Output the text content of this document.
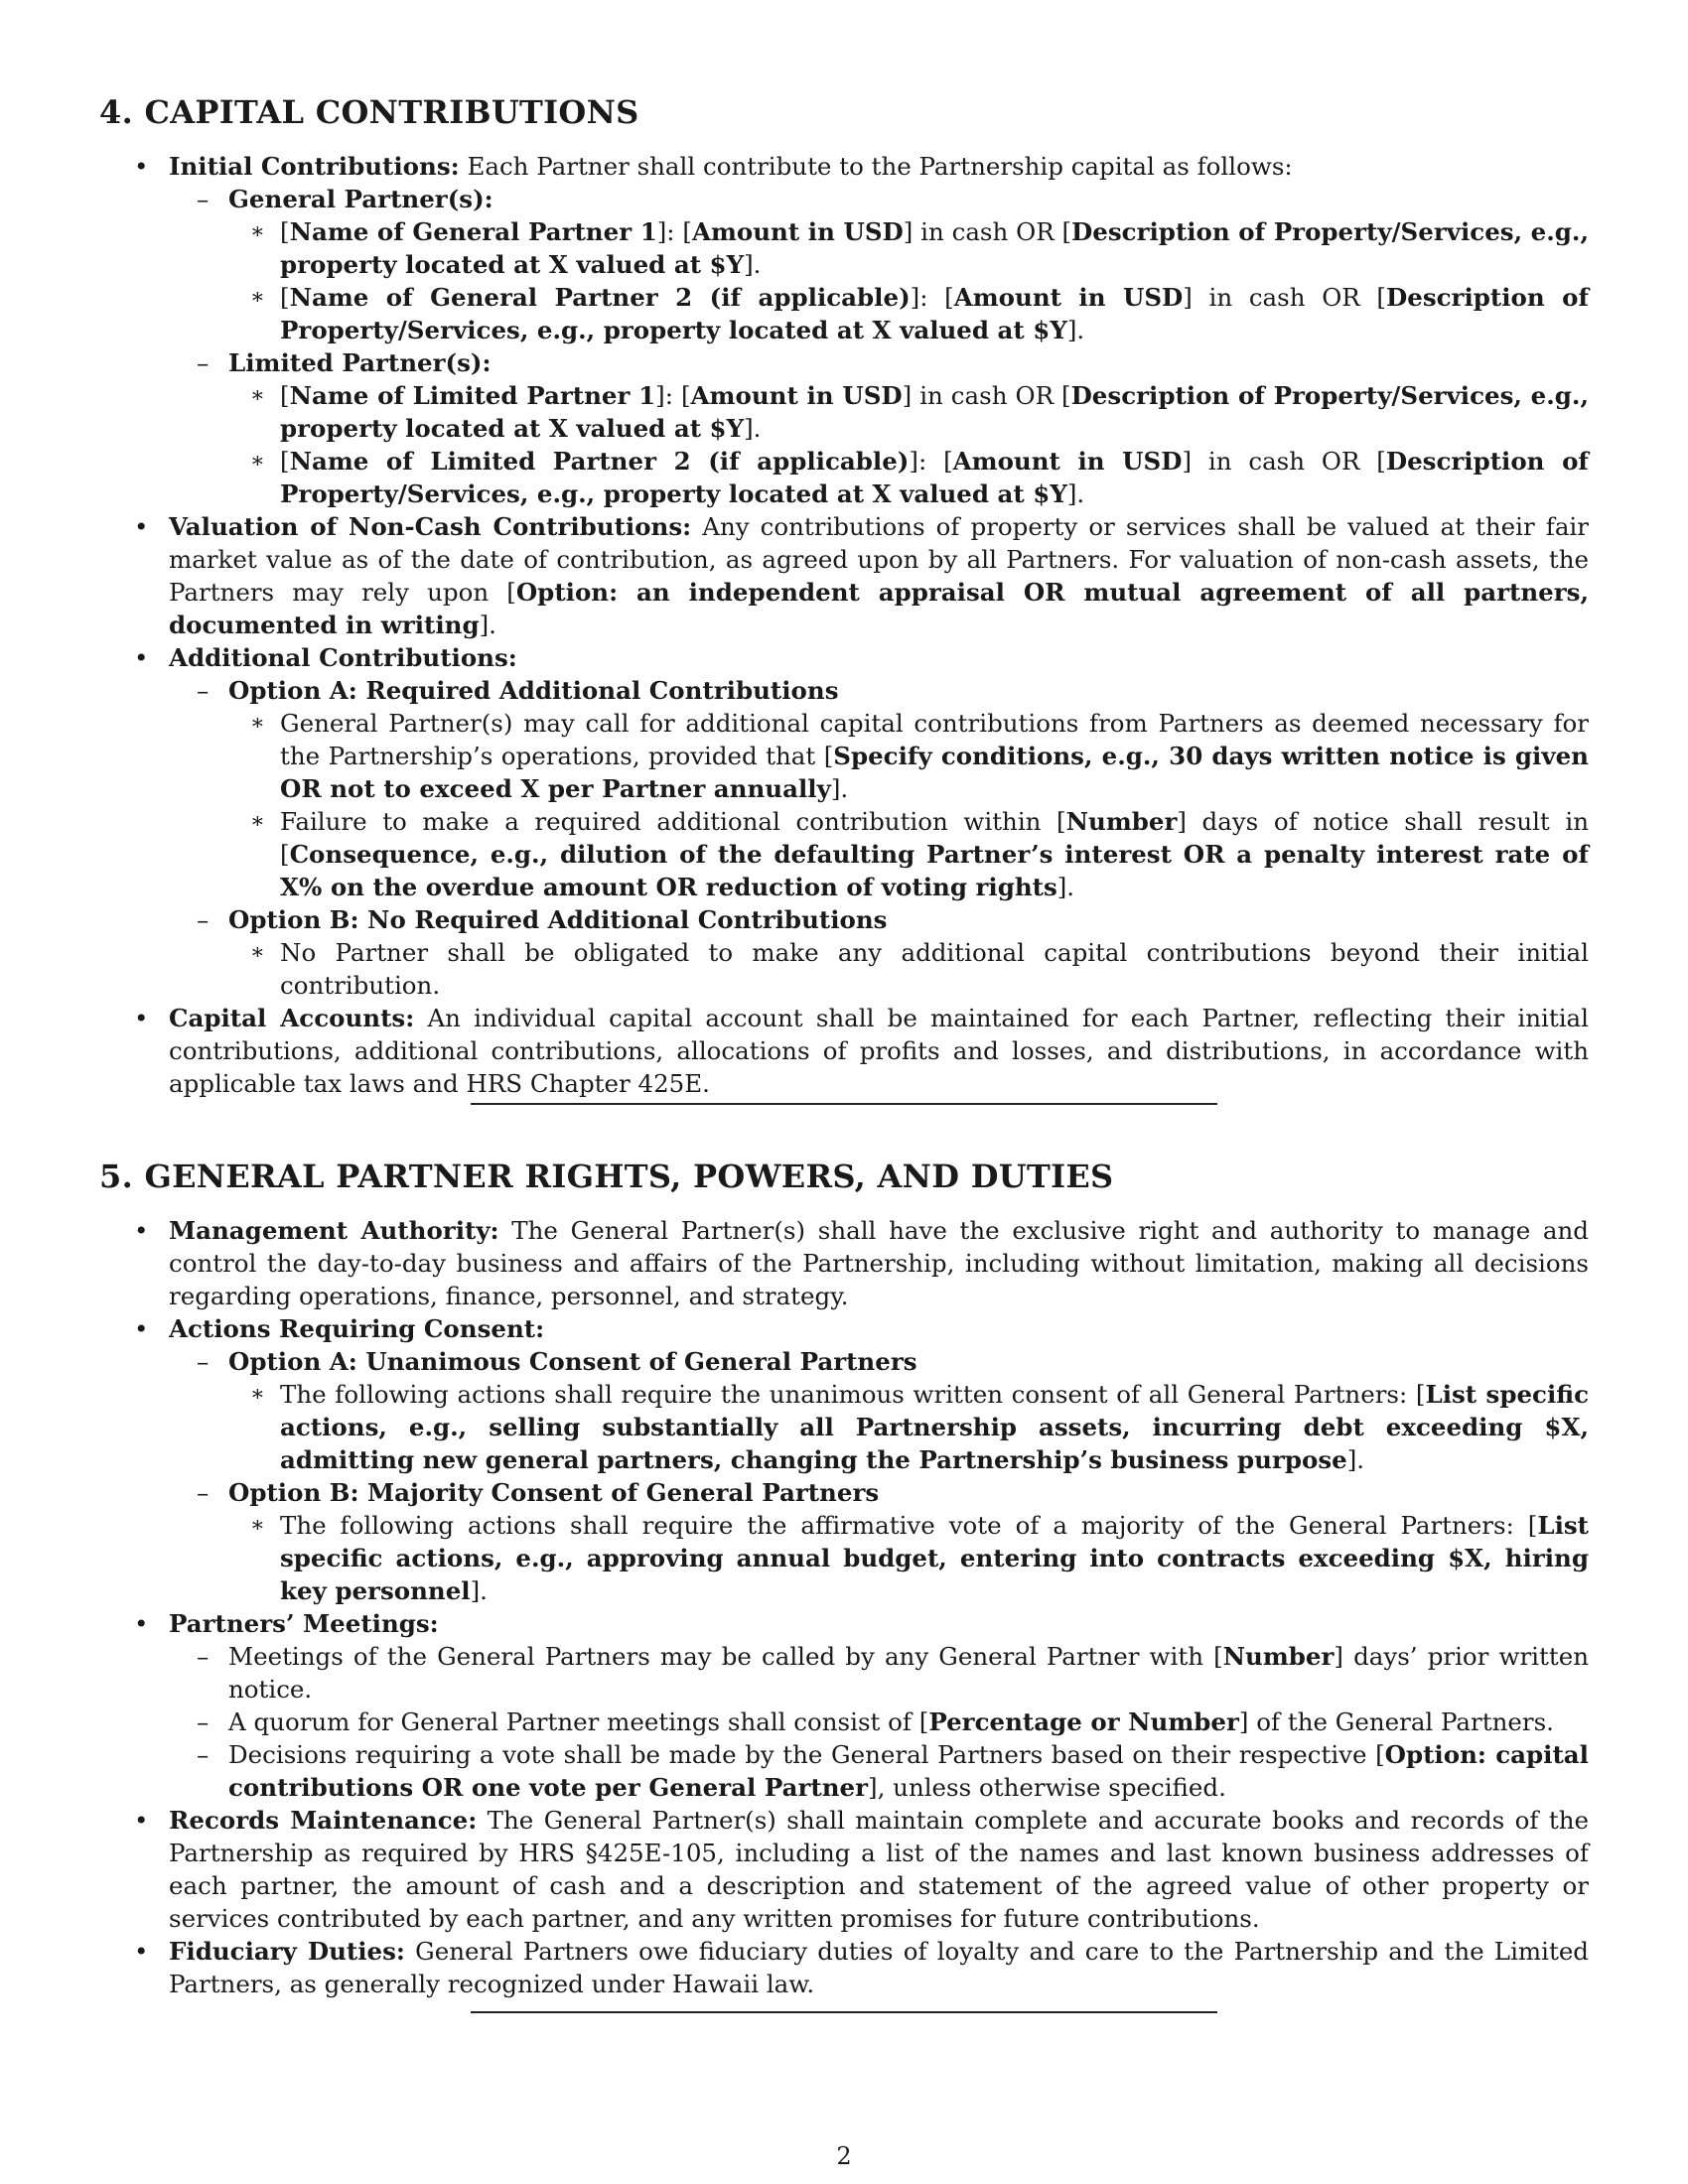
4. CAPITAL CONTRIBUTIONS
• Initial Contributions: Each Partner shall contribute to the Partnership capital as follows:
– General Partner(s):
∗ [Name of General Partner 1]: [Amount in USD] in cash OR [Description of Property/Services, e.g., property located at X valued at $Y].
∗ [Name of General Partner 2 (if applicable)]: [Amount in USD] in cash OR [Description of Property/Services, e.g., property located at X valued at $Y].
– Limited Partner(s):
∗ [Name of Limited Partner 1]: [Amount in USD] in cash OR [Description of Property/Services, e.g., property located at X valued at $Y].
∗ [Name of Limited Partner 2 (if applicable)]: [Amount in USD] in cash OR [Description of Property/Services, e.g., property located at X valued at $Y].
• Valuation of Non-Cash Contributions: Any contributions of property or services shall be valued at their fair market value as of the date of contribution, as agreed upon by all Partners. For valuation of non-cash assets, the Partners may rely upon [Option: an independent appraisal OR mutual agreement of all partners, documented in writing].
• Additional Contributions:
– Option A: Required Additional Contributions
∗ General Partner(s) may call for additional capital contributions from Partners as deemed necessary for the Partnership’s operations, provided that [Specify conditions, e.g., 30 days written notice is given OR not to exceed X per Partner annually].
∗ Failure to make a required additional contribution within [Number] days of notice shall result in [Consequence, e.g., dilution of the defaulting Partner’s interest OR a penalty interest rate of X% on the overdue amount OR reduction of voting rights].
– Option B: No Required Additional Contributions
∗ No Partner shall be obligated to make any additional capital contributions beyond their initial contribution.
• Capital Accounts: An individual capital account shall be maintained for each Partner, reflecting their initial contributions, additional contributions, allocations of profits and losses, and distributions, in accordance with applicable tax laws and HRS Chapter 425E.
5. GENERAL PARTNER RIGHTS, POWERS, AND DUTIES
• Management Authority: The General Partner(s) shall have the exclusive right and authority to manage and control the day-to-day business and affairs of the Partnership, including without limitation, making all decisions regarding operations, finance, personnel, and strategy.
• Actions Requiring Consent:
– Option A: Unanimous Consent of General Partners
∗ The following actions shall require the unanimous written consent of all General Partners: [List specific actions, e.g., selling substantially all Partnership assets, incurring debt exceeding $X, admitting new general partners, changing the Partnership’s business purpose].
– Option B: Majority Consent of General Partners
∗ The following actions shall require the affirmative vote of a majority of the General Partners: [List specific actions, e.g., approving annual budget, entering into contracts exceeding $X, hiring key personnel].
• Partners’ Meetings:
– Meetings of the General Partners may be called by any General Partner with [Number] days’ prior written notice.
– A quorum for General Partner meetings shall consist of [Percentage or Number] of the General Partners.
– Decisions requiring a vote shall be made by the General Partners based on their respective [Option: capital contributions OR one vote per General Partner], unless otherwise specified.
• Records Maintenance: The General Partner(s) shall maintain complete and accurate books and records of the Partnership as required by HRS §425E-105, including a list of the names and last known business addresses of each partner, the amount of cash and a description and statement of the agreed value of other property or services contributed by each partner, and any written promises for future contributions.
• Fiduciary Duties: General Partners owe fiduciary duties of loyalty and care to the Partnership and the Limited Partners, as generally recognized under Hawaii law.
2
